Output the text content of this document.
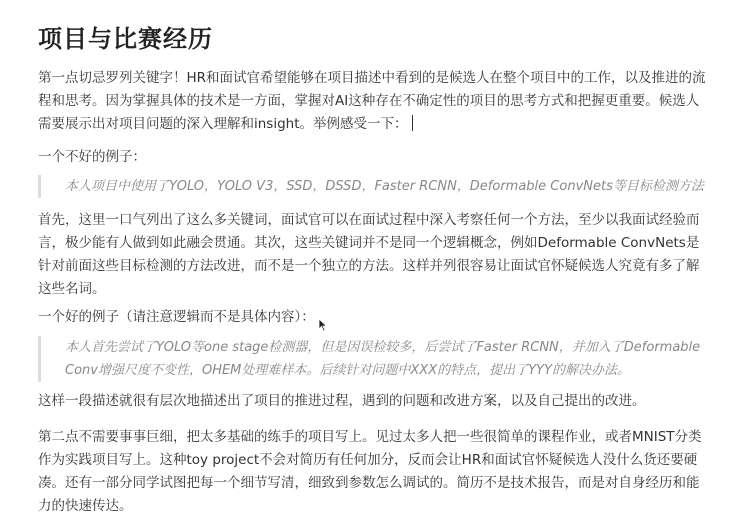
项目与比赛经历

第一点切忌罗列关键字！HR和面试官希望能够在项目描述中看到的是候选人在整个项目中的工作，以及推进的流程和思考。因为掌握具体的技术是一方面，掌握对AI这种存在不确定性的项目的思考方式和把握更重要。候选人需要展示出对项目问题的深入理解和insight。举例感受一下：

一个不好的例子：

本人项目中使用了YOLO，YOLO V3，SSD，DSSD，Faster RCNN，Deformable ConvNets等目标检测方法

首先，这里一口气列出了这么多关键词，面试官可以在面试过程中深入考察任何一个方法，至少以我面试经验而言，极少能有人做到如此融会贯通。其次，这些关键词并不是同一个逻辑概念，例如Deformable ConvNets是针对前面这些目标检测的方法改进，而不是一个独立的方法。这样并列很容易让面试官怀疑候选人究竟有多了解这些名词。

一个好的例子（请注意逻辑而不是具体内容）：

本人首先尝试了YOLO等one stage检测器，但是因误检较多，后尝试了Faster RCNN，并加入了Deformable Conv增强尺度不变性，OHEM处理难样本。后续针对问题中XXX的特点，提出了YYY的解决办法。

这样一段描述就很有层次地描述出了项目的推进过程，遇到的问题和改进方案，以及自己提出的改进。

第二点不需要事事巨细，把太多基础的练手的项目写上。见过太多人把一些很简单的课程作业，或者MNIST分类作为实践项目写上。这种toy project不会对简历有任何加分，反而会让HR和面试官怀疑候选人没什么货还要硬凑。还有一部分同学试图把每一个细节写清，细致到参数怎么调试的。简历不是技术报告，而是对自身经历和能力的快速传达。
